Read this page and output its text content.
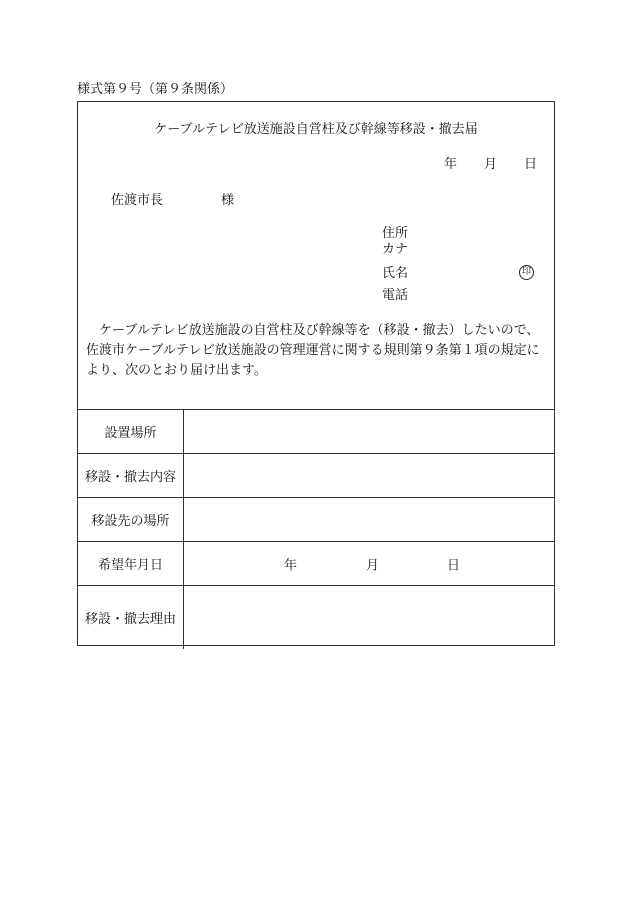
様式第９号（第９条関係）
ケーブルテレビ放送施設自営柱及び幹線等移設・撤去届
年 月 日
佐渡市長	様
住所
カナ
氏名	印
電話
ケーブルテレビ放送施設の自営柱及び幹線等を（移設・撤去）したいので、佐渡市ケーブルテレビ放送施設の管理運営に関する規則第９条第１項の規定により、次のとおり届け出ます。
設置場所	
移設・撤去内容	
移設先の場所	
希望年月日	年 月 日

移設・撤去理由	
